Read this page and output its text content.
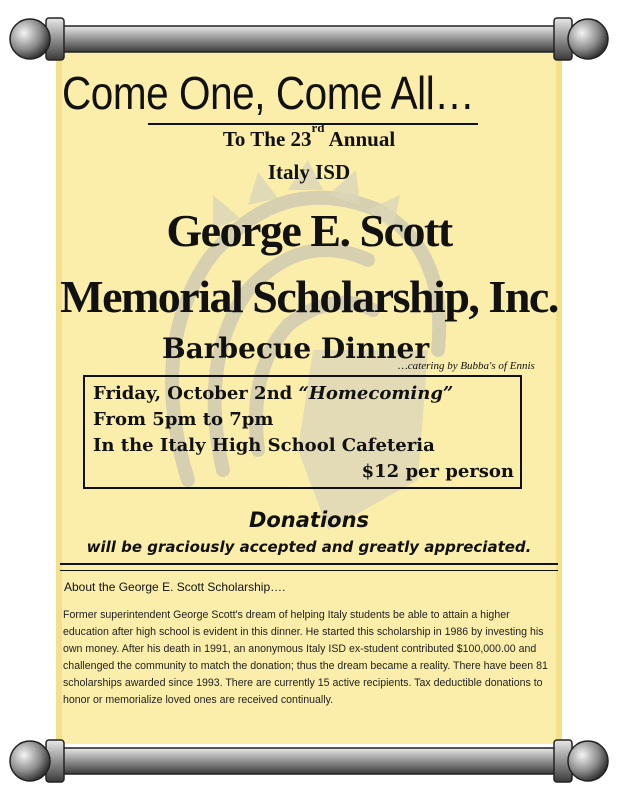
Come One, Come All…
To The 23rd Annual
Italy ISD
George E. Scott
Memorial Scholarship, Inc.
Barbecue Dinner
…catering by Bubba's of Ennis
Friday, October 2nd “Homecoming”
From 5pm to 7pm
In the Italy High School Cafeteria
$12 per person
Donations
will be graciously accepted and greatly appreciated.
About the George E. Scott Scholarship….
Former superintendent George Scott's dream of helping Italy students be able to attain a higher education after high school is evident in this dinner. He started this scholarship in 1986 by investing his own money. After his death in 1991, an anonymous Italy ISD ex-student contributed $100,000.00 and challenged the community to match the donation; thus the dream became a reality. There have been 81 scholarships awarded since 1993. There are currently 15 active recipients. Tax deductible donations to honor or memorialize loved ones are received continually.
